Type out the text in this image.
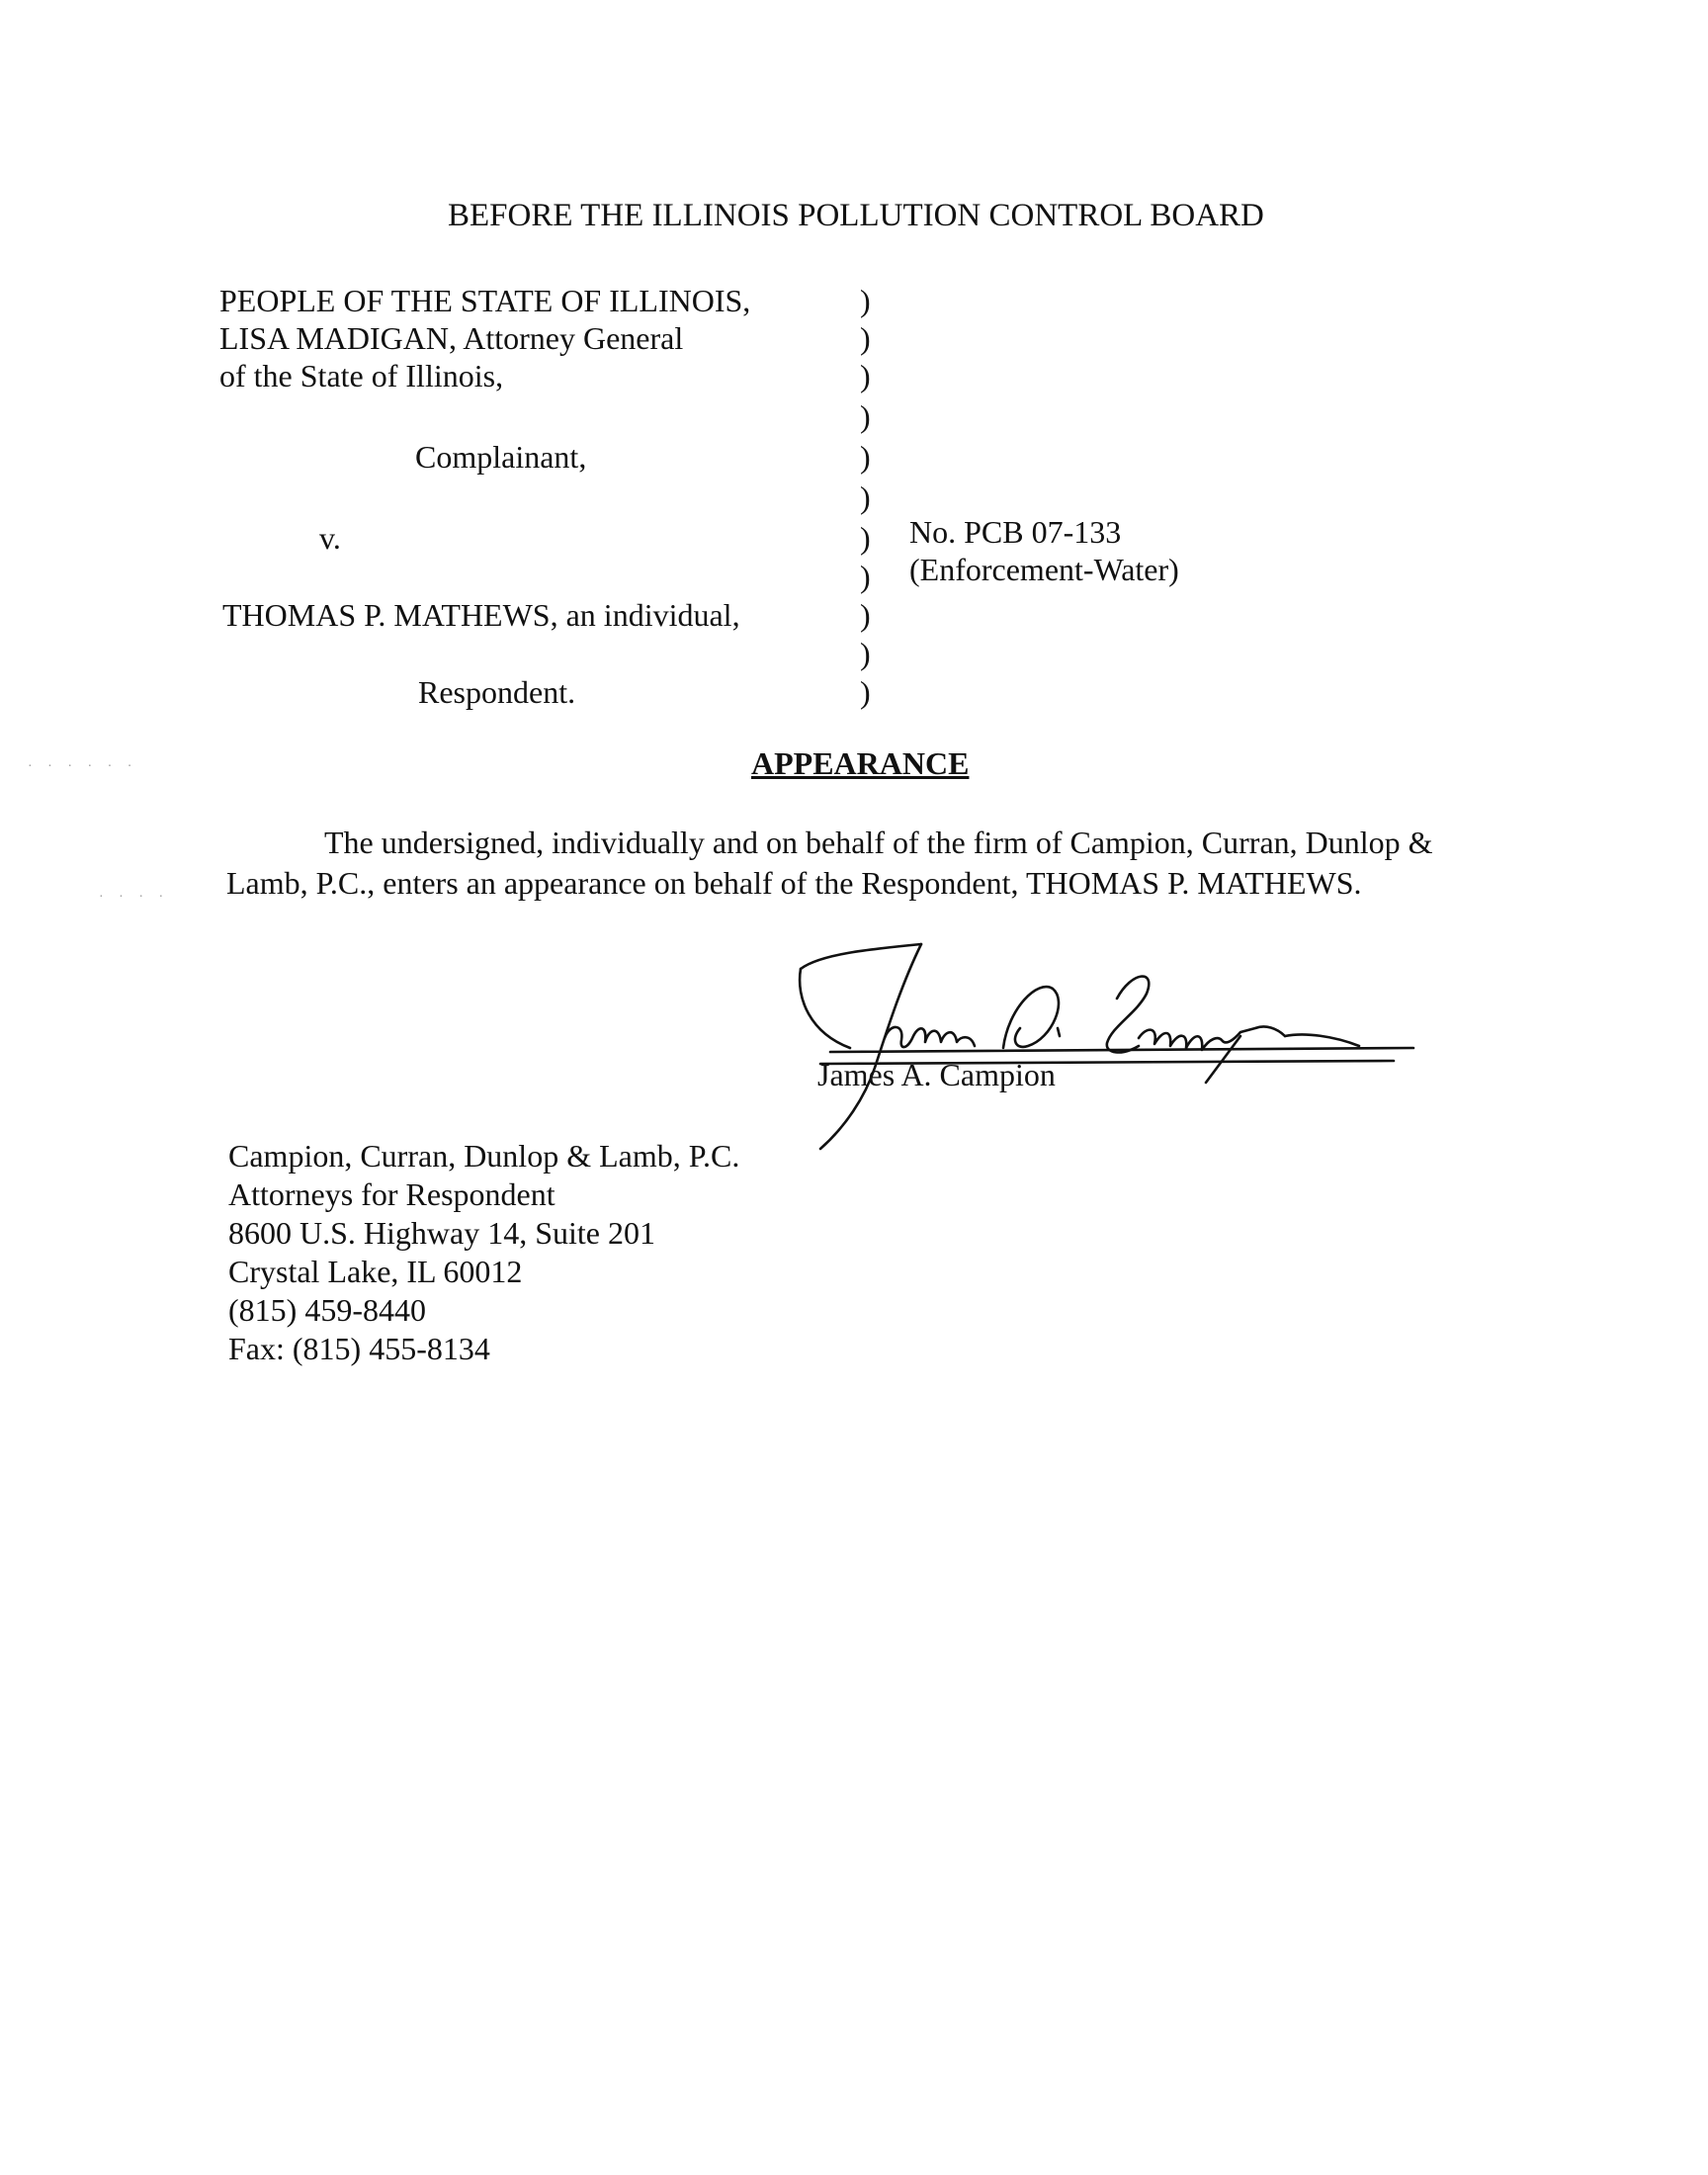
BEFORE THE ILLINOIS POLLUTION CONTROL BOARD
PEOPLE OF THE STATE OF ILLINOIS,
LISA MADIGAN, Attorney General
of the State of Illinois,
Complainant,
v.
THOMAS P. MATHEWS, an individual,
Respondent.
)
)
)
)
)
)
)
)
)
)
)
No. PCB 07-133
(Enforcement-Water)
APPEARANCE
The undersigned, individually and on behalf of the firm of Campion, Curran, Dunlop &
Lamb, P.C., enters an appearance on behalf of the Respondent, THOMAS P. MATHEWS.
· · · · · ·
· · · ·
James A. Campion
Campion, Curran, Dunlop & Lamb, P.C.
Attorneys for Respondent
8600 U.S. Highway 14, Suite 201
Crystal Lake, IL 60012
(815) 459-8440
Fax: (815) 455-8134
